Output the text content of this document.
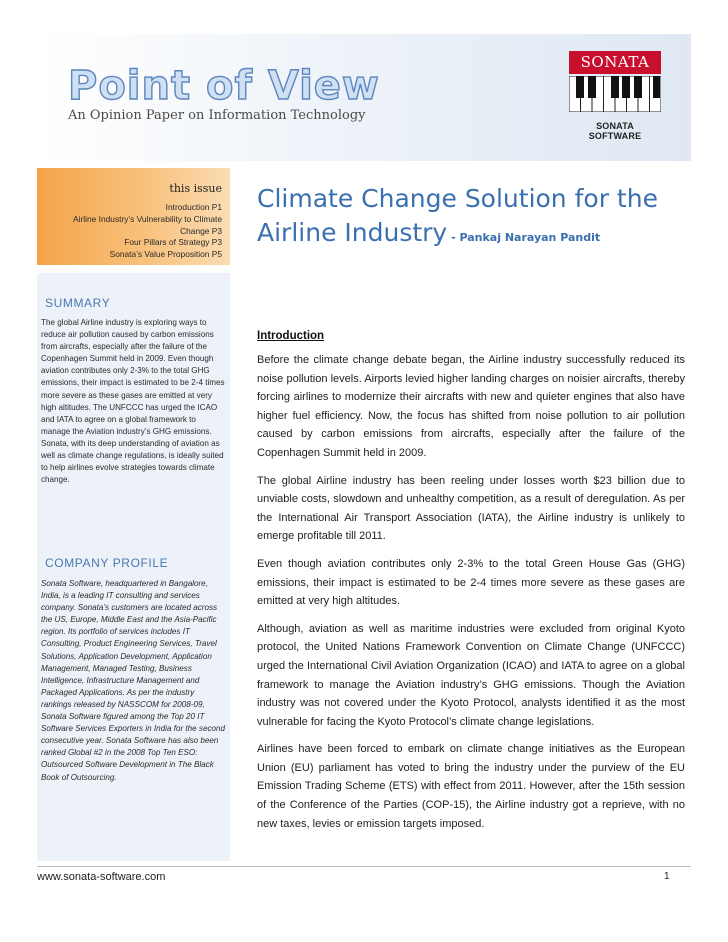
Point of View
An Opinion Paper on Information Technology
SONATA
SONATA SOFTWARE
this issue
Introduction P1
Airline Industry’s Vulnerability to Climate
Change P3
Four Pillars of Strategy P3
Sonata’s Value Proposition P5
Climate Change Solution for the
Airline Industry - Pankaj Narayan Pandit
SUMMARY
The global Airline industry is exploring ways to reduce air pollution caused by carbon emissions from aircrafts, especially after the failure of the Copenhagen Summit held in 2009. Even though aviation contributes only 2-3% to the total GHG emissions, their impact is estimated to be 2-4 times more severe as these gases are emitted at very high altitudes. The UNFCCC has urged the ICAO and IATA to agree on a global framework to manage the Aviation industry’s GHG emissions. Sonata, with its deep understanding of aviation as well as climate change regulations, is ideally suited to help airlines evolve strategies towards climate change.
COMPANY PROFILE
Sonata Software, headquartered in Bangalore, India, is a leading IT consulting and services company. Sonata’s customers are located across the US, Europe, Middle East and the Asia-Pacific region. Its portfolio of services includes IT Consulting, Product Engineering Services, Travel Solutions, Application Development, Application Management, Managed Testing, Business Intelligence, Infrastructure Management and Packaged Applications. As per the industry rankings released by NASSCOM for 2008-09, Sonata Software figured among the Top 20 IT Software Services Exporters in India for the second consecutive year. Sonata Software has also been ranked Global #2 in the 2008 Top Ten ESO: Outsourced Software Development in The Black Book of Outsourcing.
Introduction

Before the climate change debate began, the Airline industry successfully reduced its noise pollution levels. Airports levied higher landing charges on noisier aircrafts, thereby forcing airlines to modernize their aircrafts with new and quieter engines that also have higher fuel efficiency. Now, the focus has shifted from noise pollution to air pollution caused by carbon emissions from aircrafts, especially after the failure of the Copenhagen Summit held in 2009.

The global Airline industry has been reeling under losses worth $23 billion due to unviable costs, slowdown and unhealthy competition, as a result of deregulation. As per the International Air Transport Association (IATA), the Airline industry is unlikely to emerge profitable till 2011.

Even though aviation contributes only 2-3% to the total Green House Gas (GHG) emissions, their impact is estimated to be 2-4 times more severe as these gases are emitted at very high altitudes.

Although, aviation as well as maritime industries were excluded from original Kyoto protocol, the United Nations Framework Convention on Climate Change (UNFCCC) urged the International Civil Aviation Organization (ICAO) and IATA to agree on a global framework to manage the Aviation industry’s GHG emissions. Though the Aviation industry was not covered under the Kyoto Protocol, analysts identified it as the most vulnerable for facing the Kyoto Protocol’s climate change legislations.

Airlines have been forced to embark on climate change initiatives as the European Union (EU) parliament has voted to bring the industry under the purview of the EU Emission Trading Scheme (ETS) with effect from 2011. However, after the 15th session of the Conference of the Parties (COP-15), the Airline industry got a reprieve, with no new taxes, levies or emission targets imposed.

www.sonata-software.com	1
